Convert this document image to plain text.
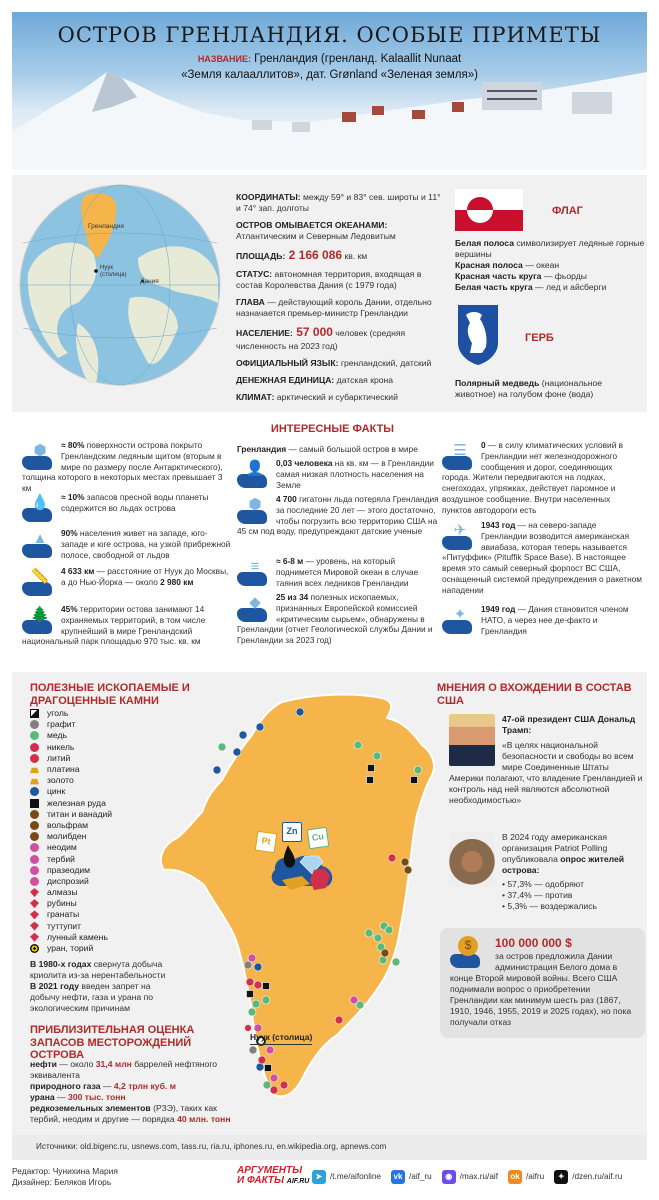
ОСТРОВ ГРЕНЛАНДИЯ. ОСОБЫЕ ПРИМЕТЫ
НАЗВАНИЕ: Гренландия (гренланд. Kalaallit Nunaat
«Земля калааллитов», дат. Grønland «Зеленая земля»)
Гренландия
Нуук
(столица)
Дания
КООРДИНАТЫ: между 59° и 83° сев. широты и 11° и 74° зап. долготы
ОСТРОВ ОМЫВАЕТСЯ ОКЕАНАМИ: Атлантическим и Северным Ледовитым
ПЛОЩАДЬ: 2 166 086 кв. км
СТАТУС: автономная территория, входящая в состав Королевства Дания (с 1979 года)
ГЛАВА — действующий король Дании, отдельно назначается премьер-министр Гренландии
НАСЕЛЕНИЕ: 57 000 человек (средняя численность на 2023 год)
ОФИЦИАЛЬНЫЙ ЯЗЫК: гренландский, датский
ДЕНЕЖНАЯ ЕДИНИЦА: датская крона
КЛИМАТ: арктический и субарктический
ФЛАГ
Белая полоса символизирует ледяные горные вершины
Красная полоса — океан
Красная часть круга — фьорды
Белая часть круга — лед и айсберги
ГЕРБ
Полярный медведь (национальное животное) на голубом фоне (вода)
ИНТЕРЕСНЫЕ ФАКТЫ
Гренландия — самый большой остров в мире
⬢	≈ 80% поверхности острова покрыто Гренландским ледяным щитом (вторым в мире по размеру после Антарктического), толщина которого в некоторых местах превышает 3 км
💧 ≈ 10% запасов пресной воды планеты содержится во льдах острова
▲	90% населения живет на западе, юго-западе и юге острова, на узкой прибрежной полосе, свободной от льдов
📏 4 633 км — расстояние от Нуук до Москвы, а до Нью-Йорка — около 2 980 км
🌲 45% территории остова занимают 14 охраняемых территорий, в том числе крупнейший в мире Гренландский национальный парк площадью 970 тыс. кв. км
👤 0,03 человека на кв. км — в Гренландии самая низкая плотность населения на Земле
⬢	4 700 гигатонн льда потеряла Гренландия за последние 20 лет — этого достаточно, чтобы погрузить всю территорию США на 45 см под воду, предупреждают датские ученые
≡	≈ 6-8 м — уровень, на который поднимется Мировой океан в случае таяния всех ледников Гренландии
◆	25 из 34 полезных ископаемых, признанных Европейской комиссией «критическим сырьем», обнаружены в Гренландии (отчет Геологической службы Дании и Гренландии за 2023 год)
☰	0 — в силу климатических условий в Гренландии нет железнодорожного сообщения и дорог, соединяющих города. Жители передвигаются на лодках, снегоходах, упряжках, действует паромное и воздушное сообщение. Внутри населенных пунктов автодороги есть
✈	1943 год — на северо-западе Гренландии возводится американская авиабаза, которая теперь называется «Питуффик» (Pituffik Space Base). В настоящее время это самый северный форпост ВС США, оснащенный системой предупреждения о ракетном нападении
✦	1949 год — Дания становится членом НАТО, а через нее де-факто и Гренландия
ПОЛЕЗНЫЕ ИСКОПАЕМЫЕ И ДРАГОЦЕННЫЕ КАМНИ
уголь
графит
медь
никель
литий
платина
золото
цинк
железная руда
титан и ванадий
вольфрам
молибден
неодим
тербий
празеодим
диспрозий
алмазы
рубины
гранаты
туттупит
лунный камень
уран, торий
В 1980-х годах свернута добыча криолита из-за нерентабельности
В 2021 году введен запрет на добычу нефти, газа и урана по экологическим причинам
Нуук (столица)
ПРИБЛИЗИТЕЛЬНАЯ ОЦЕНКА ЗАПАСОВ МЕСТОРОЖДЕНИЙ ОСТРОВА
нефти — около 31,4 млн баррелей нефтяного эквивалента
природного газа — 4,2 трлн куб. м
урана — 300 тыс. тонн
редкоземельных элементов (РЗЭ), таких как тербий, неодим и другие — порядка 40 млн. тонн
МНЕНИЯ О ВХОЖДЕНИИ В СОСТАВ США
47-ой президент США Дональд Трамп:
«В целях национальной безопасности и свободы во всем мире Соединенные Штаты Америки полагают, что владение Гренландией и контроль над ней являются абсолютной необходимостью»
В 2024 году американская организация Patriot Polling опубликовала опрос жителей острова:
• 57,3% — одобряют
• 37,4% — против
• 5,3% — воздержались
$	100 000 000 $
за остров предложила Дании администрация Белого дома в конце Второй мировой войны. Всего США поднимали вопрос о приобретении Гренландии как минимум шесть раз (1867, 1910, 1946, 1955, 2019 и 2025 годах), но пока получали отказ
Pt
Zn
Cu
Источники: old.bigenc.ru, usnews.com, tass.ru, ria.ru, iphones.ru, en.wikipedia.org, apnews.com
Редактор: Чунихина Мария
Дизайнер: Беляков Игорь
АРГУМЕНТЫ
И ФАКТЫ AIF.RU
➤ /t.me/aifonline	vk /aif_ru	◉ /max.ru/aif ok /aifru	✦ /dzen.ru/aif.ru
